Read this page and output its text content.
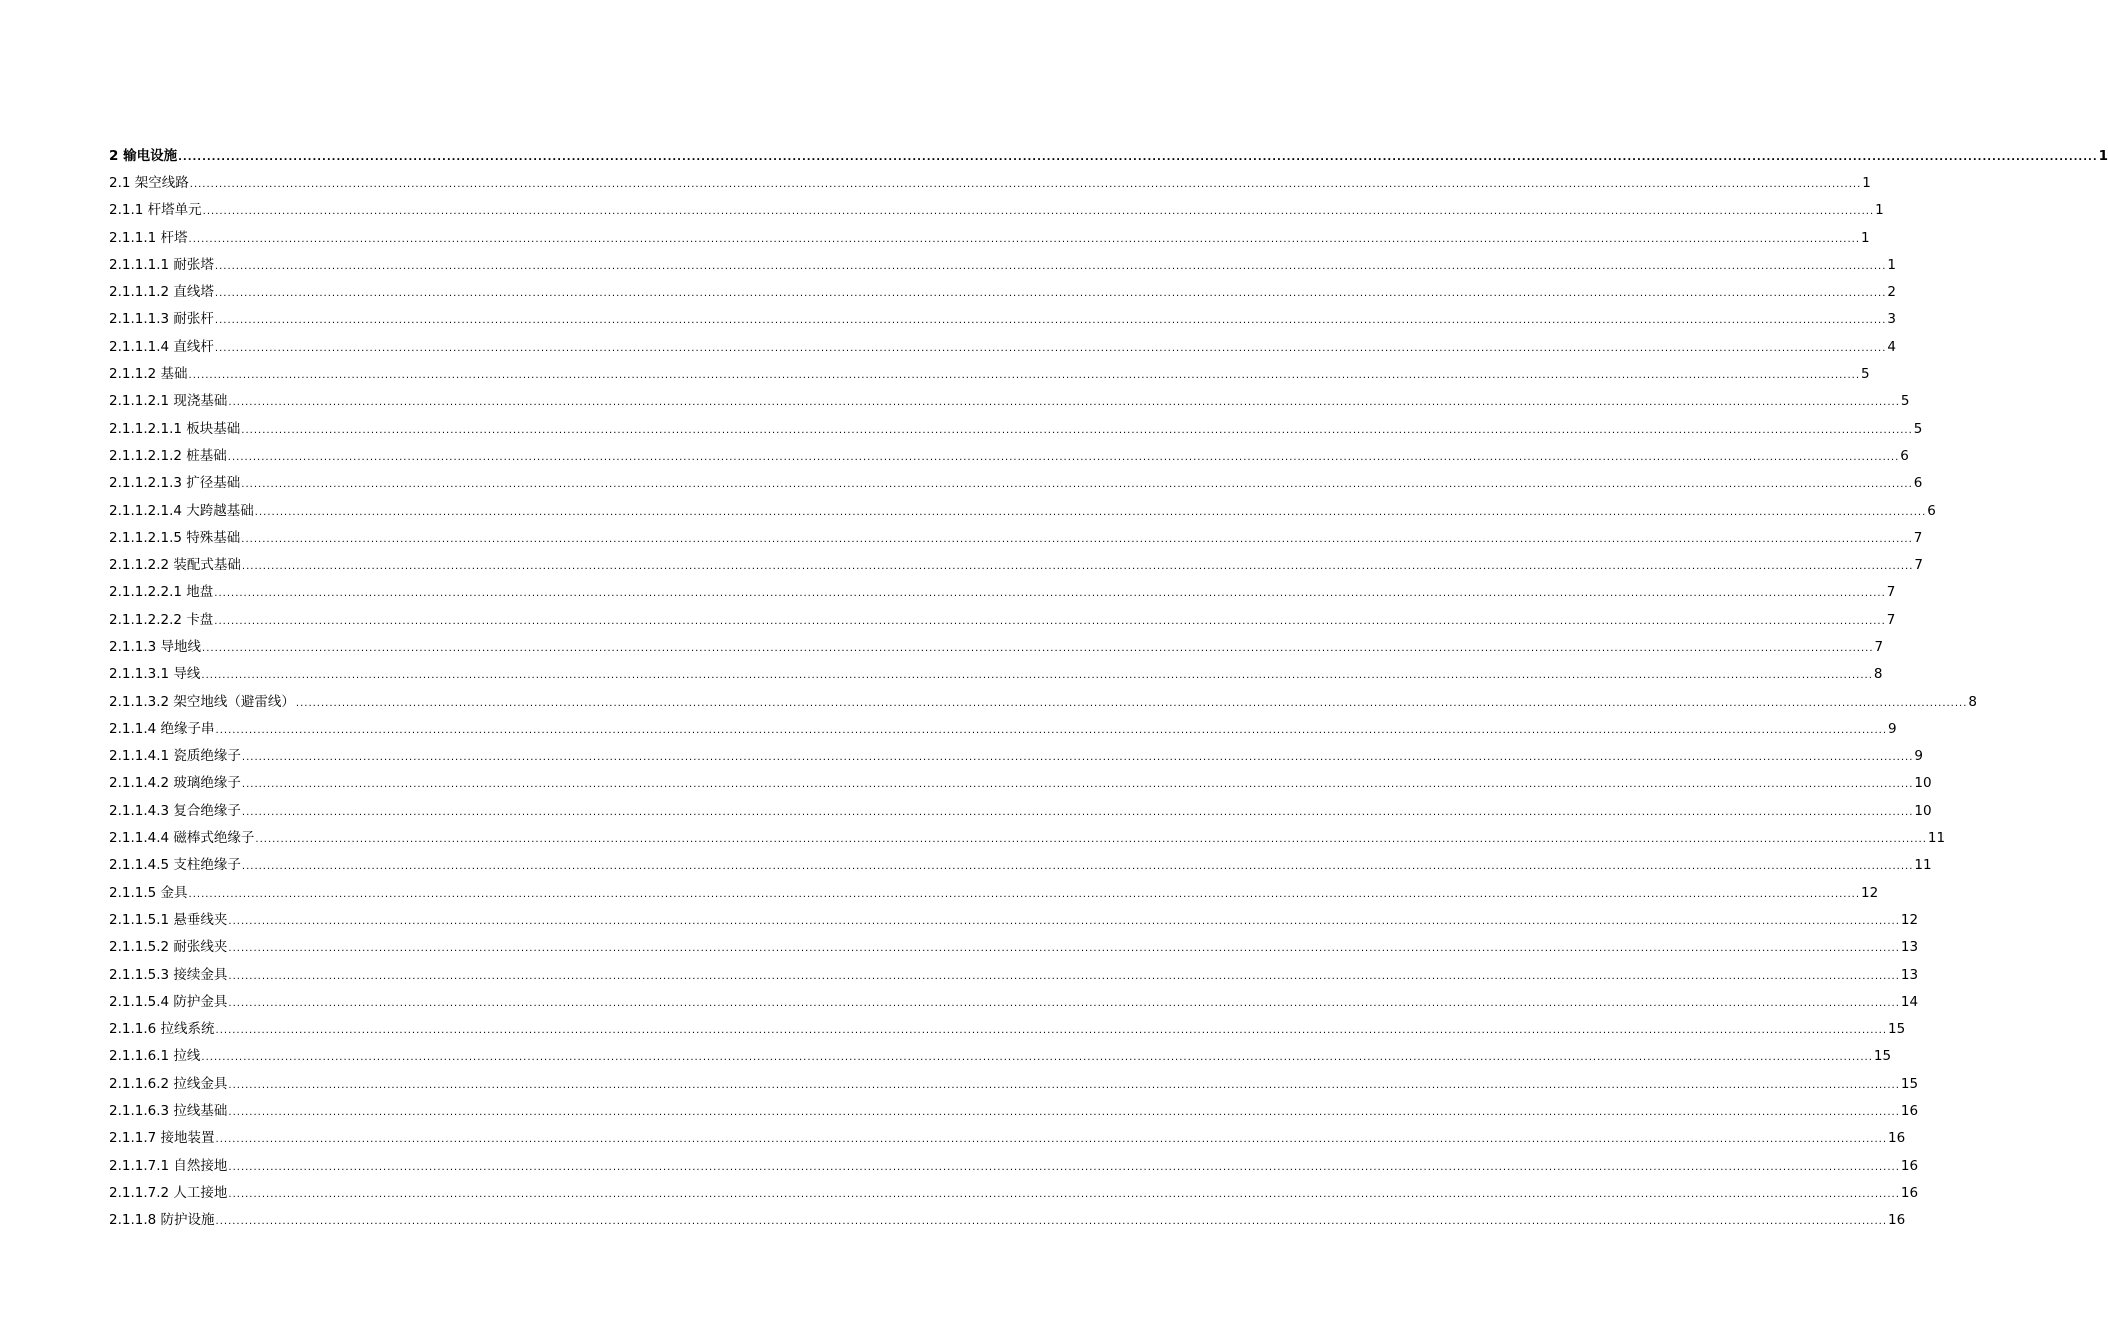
2 输电设施 ................................................................................................................................................................................................................................................................................................................................................................................................................ 1
2.1 架空线路 ................................................................................................................................................................................................................................................................................................................................................................................................................ 1
2.1.1 杆塔单元 ................................................................................................................................................................................................................................................................................................................................................................................................................ 1
2.1.1.1 杆塔 ................................................................................................................................................................................................................................................................................................................................................................................................................ 1
2.1.1.1.1 耐张塔 ................................................................................................................................................................................................................................................................................................................................................................................................................ 1
2.1.1.1.2 直线塔 ................................................................................................................................................................................................................................................................................................................................................................................................................ 2
2.1.1.1.3 耐张杆 ................................................................................................................................................................................................................................................................................................................................................................................................................ 3
2.1.1.1.4 直线杆 ................................................................................................................................................................................................................................................................................................................................................................................................................ 4
2.1.1.2 基础 ................................................................................................................................................................................................................................................................................................................................................................................................................ 5
2.1.1.2.1 现浇基础 ................................................................................................................................................................................................................................................................................................................................................................................................................ 5
2.1.1.2.1.1 板块基础 ................................................................................................................................................................................................................................................................................................................................................................................................................ 5
2.1.1.2.1.2 桩基础 ................................................................................................................................................................................................................................................................................................................................................................................................................ 6
2.1.1.2.1.3 扩径基础 ................................................................................................................................................................................................................................................................................................................................................................................................................ 6
2.1.1.2.1.4 大跨越基础 ................................................................................................................................................................................................................................................................................................................................................................................................................ 6
2.1.1.2.1.5 特殊基础 ................................................................................................................................................................................................................................................................................................................................................................................................................ 7
2.1.1.2.2 装配式基础 ................................................................................................................................................................................................................................................................................................................................................................................................................ 7
2.1.1.2.2.1 地盘 ................................................................................................................................................................................................................................................................................................................................................................................................................ 7
2.1.1.2.2.2 卡盘 ................................................................................................................................................................................................................................................................................................................................................................................................................ 7
2.1.1.3 导地线 ................................................................................................................................................................................................................................................................................................................................................................................................................ 7
2.1.1.3.1 导线 ................................................................................................................................................................................................................................................................................................................................................................................................................ 8
2.1.1.3.2 架空地线（避雷线） ................................................................................................................................................................................................................................................................................................................................................................................................................ 8
2.1.1.4 绝缘子串 ................................................................................................................................................................................................................................................................................................................................................................................................................ 9
2.1.1.4.1 瓷质绝缘子 ................................................................................................................................................................................................................................................................................................................................................................................................................ 9
2.1.1.4.2 玻璃绝缘子 ................................................................................................................................................................................................................................................................................................................................................................................................................ 10
2.1.1.4.3 复合绝缘子 ................................................................................................................................................................................................................................................................................................................................................................................................................ 10
2.1.1.4.4 磁棒式绝缘子 ................................................................................................................................................................................................................................................................................................................................................................................................................ 11
2.1.1.4.5 支柱绝缘子 ................................................................................................................................................................................................................................................................................................................................................................................................................ 11
2.1.1.5 金具 ................................................................................................................................................................................................................................................................................................................................................................................................................ 12
2.1.1.5.1 悬垂线夹 ................................................................................................................................................................................................................................................................................................................................................................................................................ 12
2.1.1.5.2 耐张线夹 ................................................................................................................................................................................................................................................................................................................................................................................................................ 13
2.1.1.5.3 接续金具 ................................................................................................................................................................................................................................................................................................................................................................................................................ 13
2.1.1.5.4 防护金具 ................................................................................................................................................................................................................................................................................................................................................................................................................ 14
2.1.1.6 拉线系统 ................................................................................................................................................................................................................................................................................................................................................................................................................ 15
2.1.1.6.1 拉线 ................................................................................................................................................................................................................................................................................................................................................................................................................ 15
2.1.1.6.2 拉线金具 ................................................................................................................................................................................................................................................................................................................................................................................................................ 15
2.1.1.6.3 拉线基础 ................................................................................................................................................................................................................................................................................................................................................................................................................ 16
2.1.1.7 接地装置 ................................................................................................................................................................................................................................................................................................................................................................................................................ 16
2.1.1.7.1 自然接地 ................................................................................................................................................................................................................................................................................................................................................................................................................ 16
2.1.1.7.2 人工接地 ................................................................................................................................................................................................................................................................................................................................................................................................................ 16
2.1.1.8 防护设施 ................................................................................................................................................................................................................................................................................................................................................................................................................ 16
